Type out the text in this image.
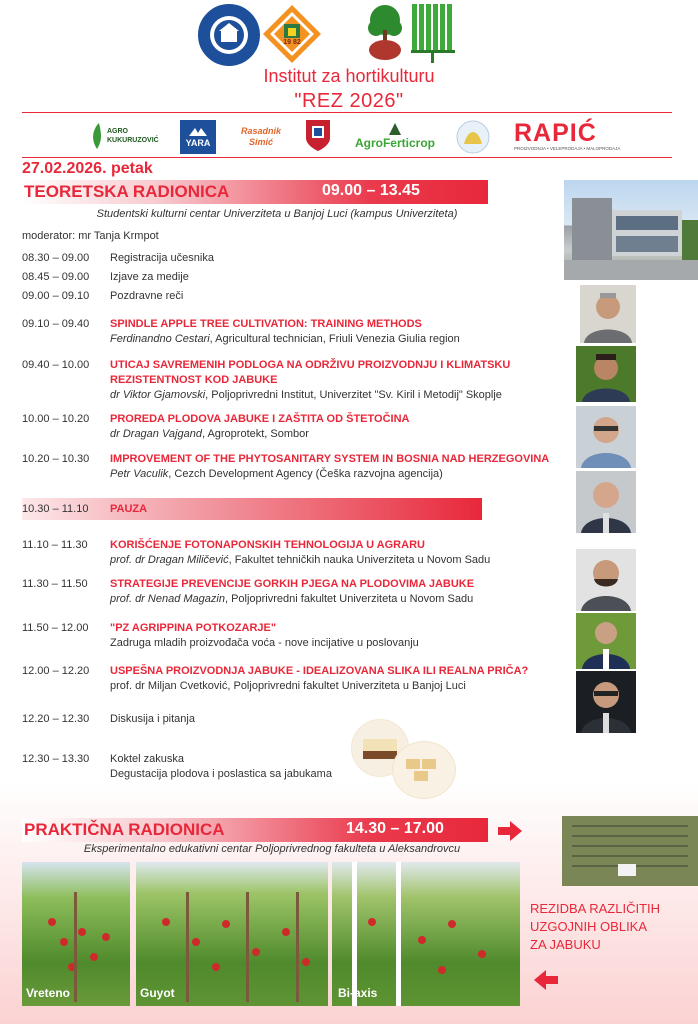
19 82
Institut za hortikulturu
"REZ 2026"
AGRO KUKURUZOVIĆ	YARA
Rasadnik Simić	AgroFerticrop	RAPIĆ
PROIZVODNJA • VELEPRODAJA • MALOPRODAJA
27.02.2026. petak
TEORETSKA RADIONICA	09.00 – 13.45
Studentski kulturni centar Univerziteta u Banjoj Luci (kampus Univerziteta)
moderator: mr Tanja Krmpot
08.30 – 09.00 Registracija učesnika
08.45 – 09.00 Izjave za medije
09.00 – 09.10 Pozdravne reči
09.10 – 09.40 SPINDLE APPLE TREE CULTIVATION: TRAINING METHODS
Ferdinandno Cestari, Agricultural technician, Friuli Venezia Giulia region
09.40 – 10.00 UTICAJ SAVREMENIH PODLOGA NA ODRŽIVU PROIZVODNJU I KLIMATSKU
REZISTENTNOST KOD JABUKE
dr Viktor Gjamovski, Poljoprivredni Institut, Univerzitet "Sv. Kiril i Metodij" Skoplje
10.00 – 10.20 PROREDA PLODOVA JABUKE I ZAŠTITA OD ŠTETOČINA
dr Dragan Vajgand, Agroprotekt, Sombor
10.20 – 10.30 IMPROVEMENT OF THE PHYTOSANITARY SYSTEM IN BOSNIA NAD HERZEGOVINA
Petr Vaculik, Cezch Development Agency (Češka razvojna agencija)
10.30 – 11.10 PAUZA
11.10 – 11.30 KORIŠĆENJE FOTONAPONSKIH TEHNOLOGIJA U AGRARU
prof. dr Dragan Miličević, Fakultet tehničkih nauka Univerziteta u Novom Sadu
11.30 – 11.50 STRATEGIJE PREVENCIJE GORKIH PJEGA NA PLODOVIMA JABUKE
prof. dr Nenad Magazin, Poljoprivredni fakultet Univerziteta u Novom Sadu
11.50 – 12.00 "PZ AGRIPPINA POTKOZARJE"
Zadruga mladih proizvođača voća - nove incijative u poslovanju
12.00 – 12.20 USPEŠNA PROIZVODNJA JABUKE - IDEALIZOVANA SLIKA ILI REALNA PRIČA?
prof. dr Miljan Cvetković, Poljoprivredni fakultet Univerziteta u Banjoj Luci
12.20 – 12.30 Diskusija i pitanja
12.30 – 13.30 Koktel zakuska
Degustacija plodova i poslastica sa jabukama
PRAKTIČNA RADIONICA	14.30 – 17.00
Eksperimentalno edukativni centar Poljoprivrednog fakulteta u Aleksandrovcu
Vreteno	Guyot	Bi-axis
REZIDBA RAZLIČITIH
UZGOJNIH OBLIKA
ZA JABUKU
